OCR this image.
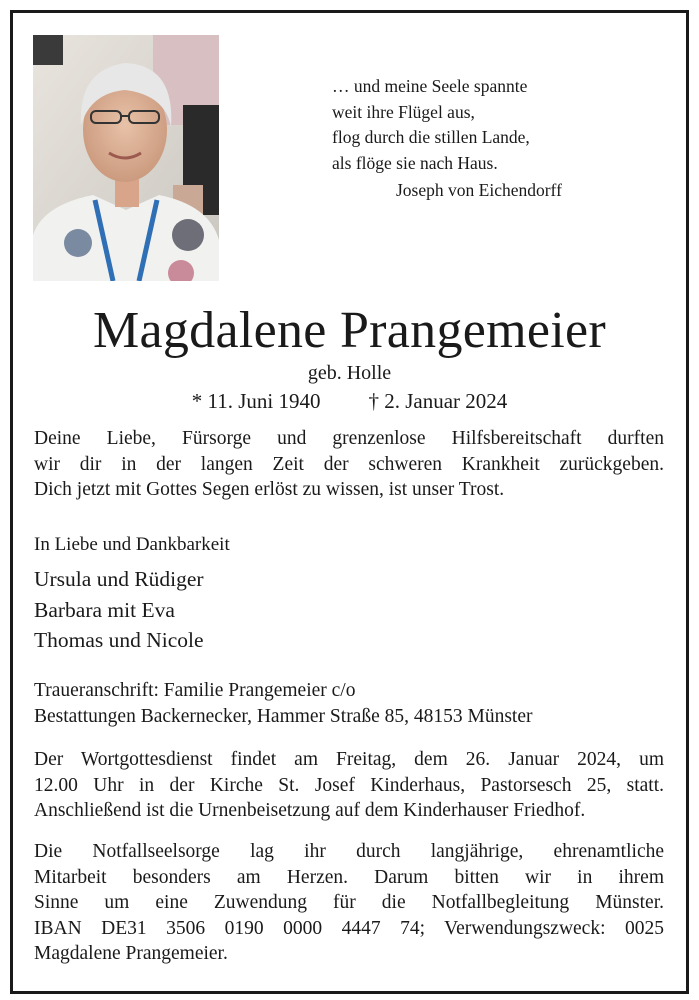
… und meine Seele spannte
weit ihre Flügel aus,
flog durch die stillen Lande,
als flöge sie nach Haus.
Joseph von Eichendorff
Magdalene Prangemeier
geb. Holle
* 11. Juni 1940 † 2. Januar 2024
Deine Liebe, Fürsorge und grenzenlose Hilfsbereitschaft durften
wir dir in der langen Zeit der schweren Krankheit zurückgeben.
Dich jetzt mit Gottes Segen erlöst zu wissen, ist unser Trost.
In Liebe und Dankbarkeit
Ursula und Rüdiger
Barbara mit Eva
Thomas und Nicole
Traueranschrift: Familie Prangemeier c/o
Bestattungen Backernecker, Hammer Straße 85, 48153 Münster
Der Wortgottesdienst findet am Freitag, dem 26. Januar 2024, um
12.00 Uhr in der Kirche St. Josef Kinderhaus, Pastorsesch 25, statt.
Anschließend ist die Urnenbeisetzung auf dem Kinderhauser Friedhof.
Die Notfallseelsorge lag ihr durch langjährige, ehrenamtliche
Mitarbeit besonders am Herzen. Darum bitten wir in ihrem
Sinne um eine Zuwendung für die Notfallbegleitung Münster.
IBAN DE31 3506 0190 0000 4447 74; Verwendungszweck: 0025
Magdalene Prangemeier.
